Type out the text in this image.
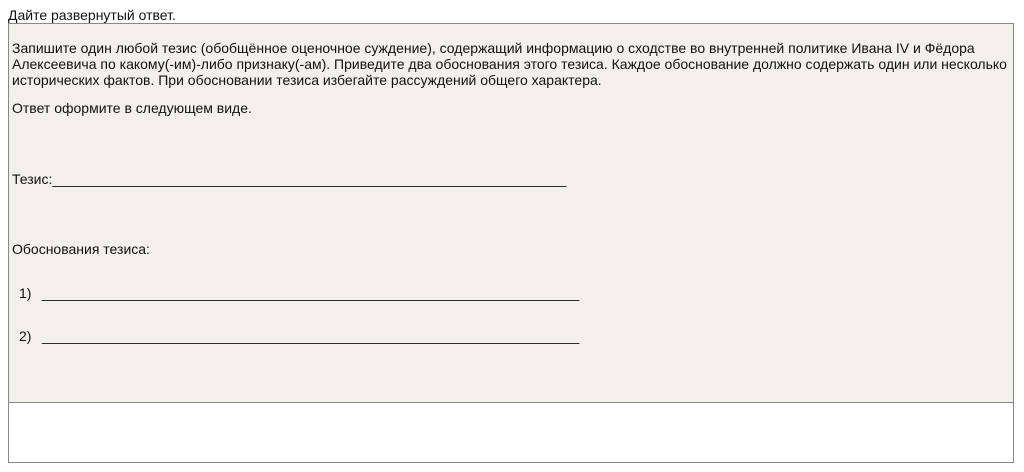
Дайте развернутый ответ.
Запишите один любой тезис (обобщённое оценочное суждение), содержащий информацию о сходстве во внутренней политике Ивана IV и Фёдора Алексеевича по какому(-им)-либо признаку(-ам). Приведите два обоснования этого тезиса. Каждое обоснование должно содержать один или несколько исторических фактов. При обосновании тезиса избегайте рассуждений общего характера.
Ответ оформите в следующем виде.
Тезис:__________________________________________________________________
Обоснования тезиса:
1) _____________________________________________________________________
2) _____________________________________________________________________
